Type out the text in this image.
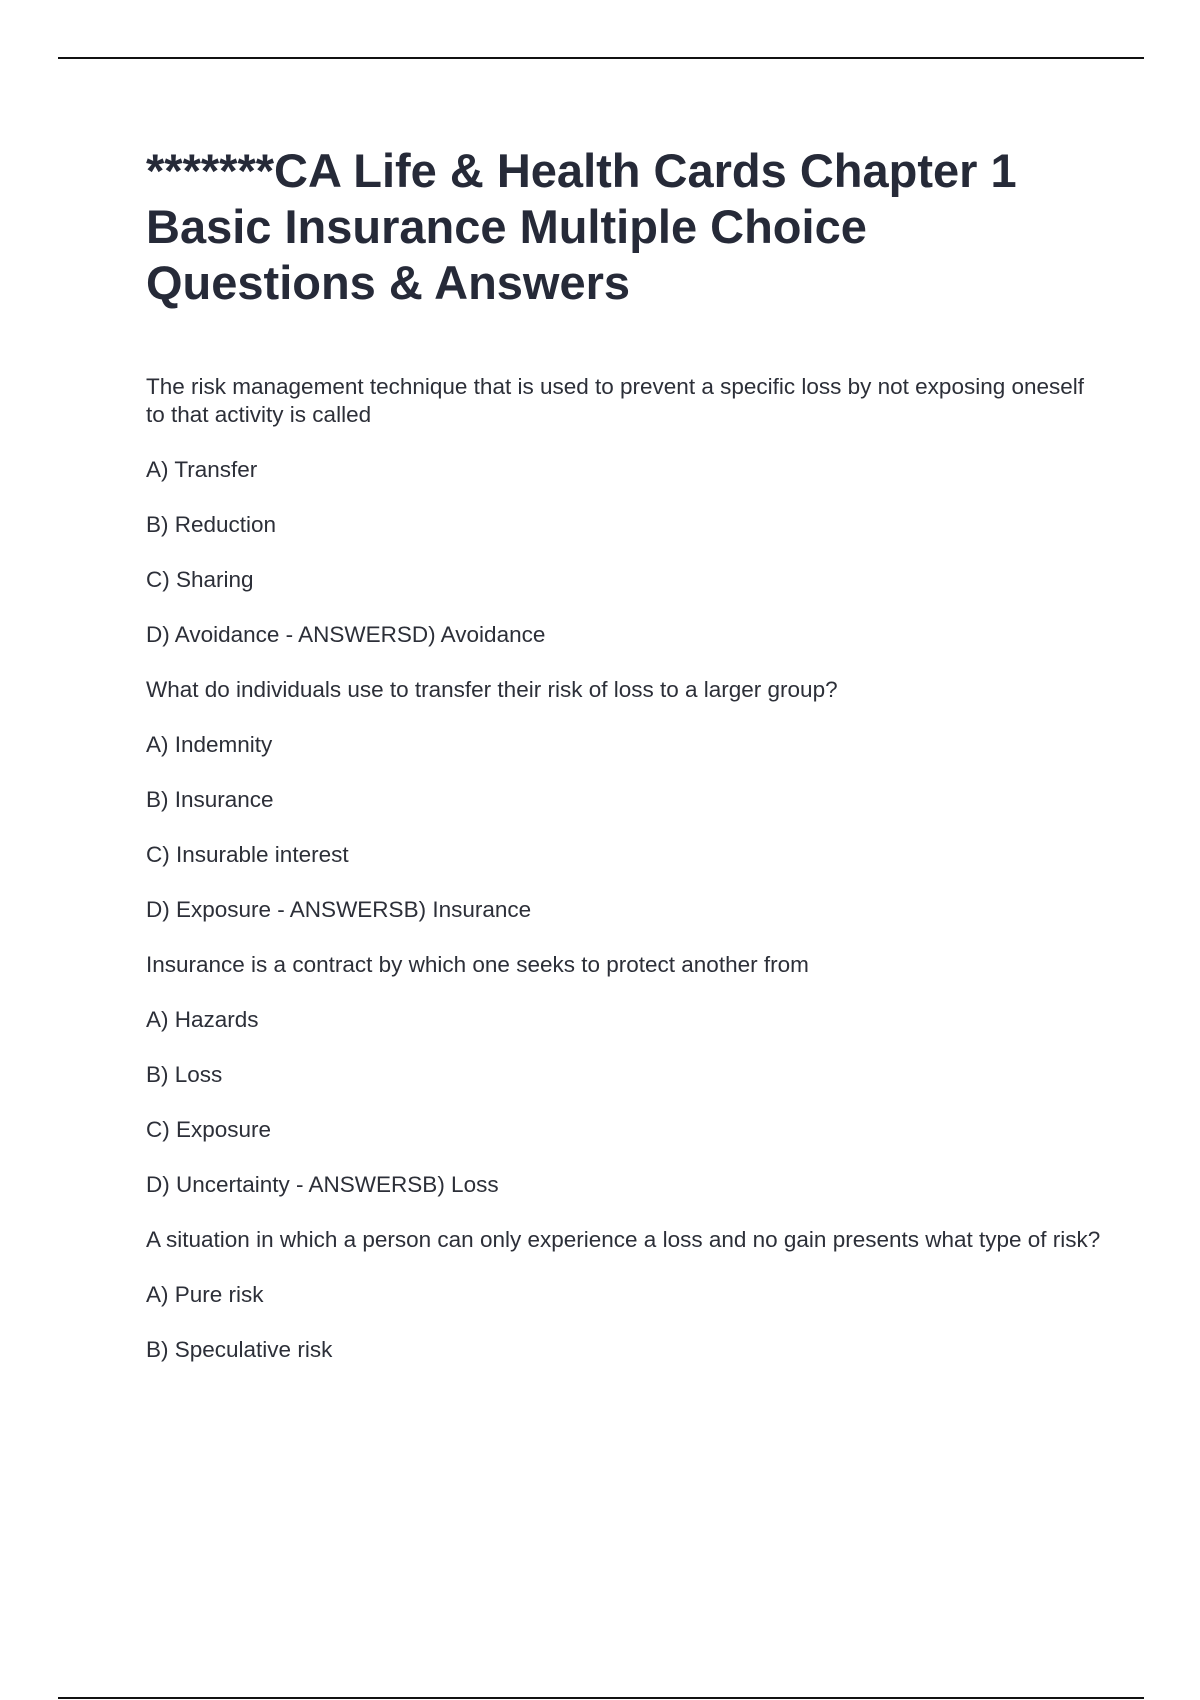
*******CA Life & Health Cards Chapter 1 Basic Insurance Multiple Choice Questions & Answers

The risk management technique that is used to prevent a specific loss by not exposing oneself to that activity is called

A) Transfer

B) Reduction

C) Sharing

D) Avoidance - ANSWERSD) Avoidance

What do individuals use to transfer their risk of loss to a larger group?

A) Indemnity

B) Insurance

C) Insurable interest

D) Exposure - ANSWERSB) Insurance

Insurance is a contract by which one seeks to protect another from

A) Hazards

B) Loss

C) Exposure

D) Uncertainty - ANSWERSB) Loss

A situation in which a person can only experience a loss and no gain presents what type of risk?

A) Pure risk

B) Speculative risk
